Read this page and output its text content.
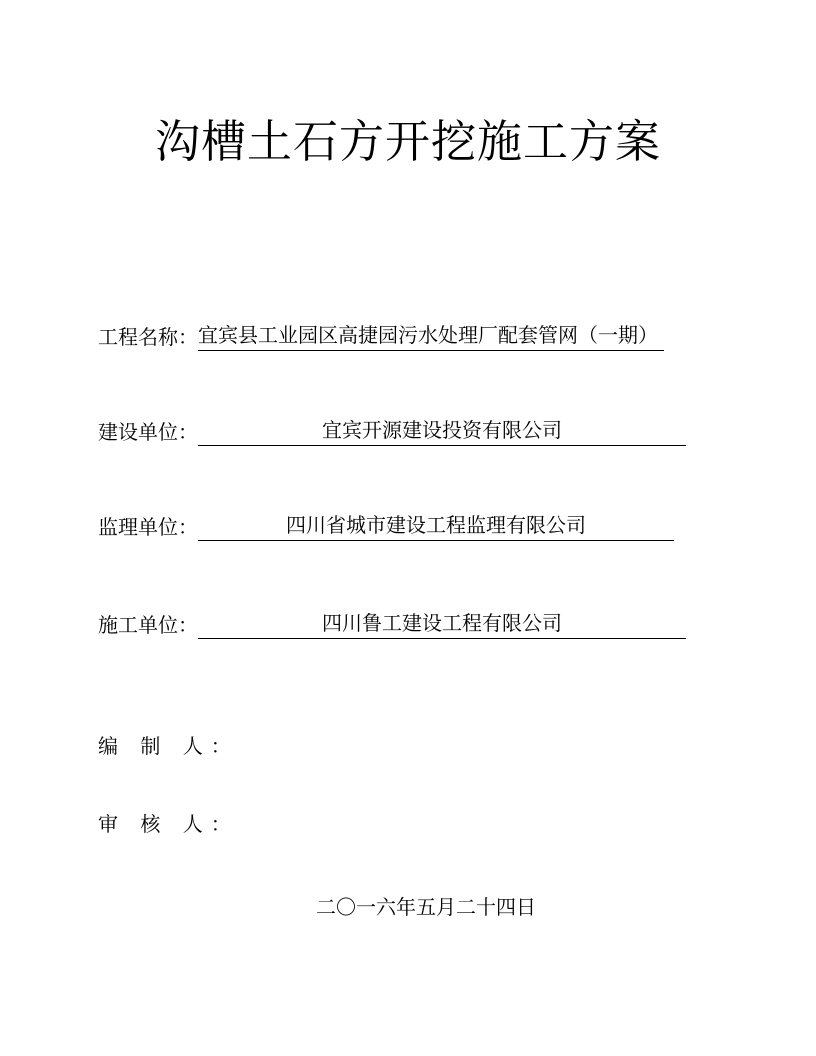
沟槽土石方开挖施工方案
工程名称：宜宾县工业园区高捷园污水处理厂配套管网（一期）
建设单位：	宜宾开源建设投资有限公司
监理单位：	四川省城市建设工程监理有限公司
施工单位：	四川鲁工建设工程有限公司
编 制 人：
审 核 人：
二〇一六年五月二十四日
